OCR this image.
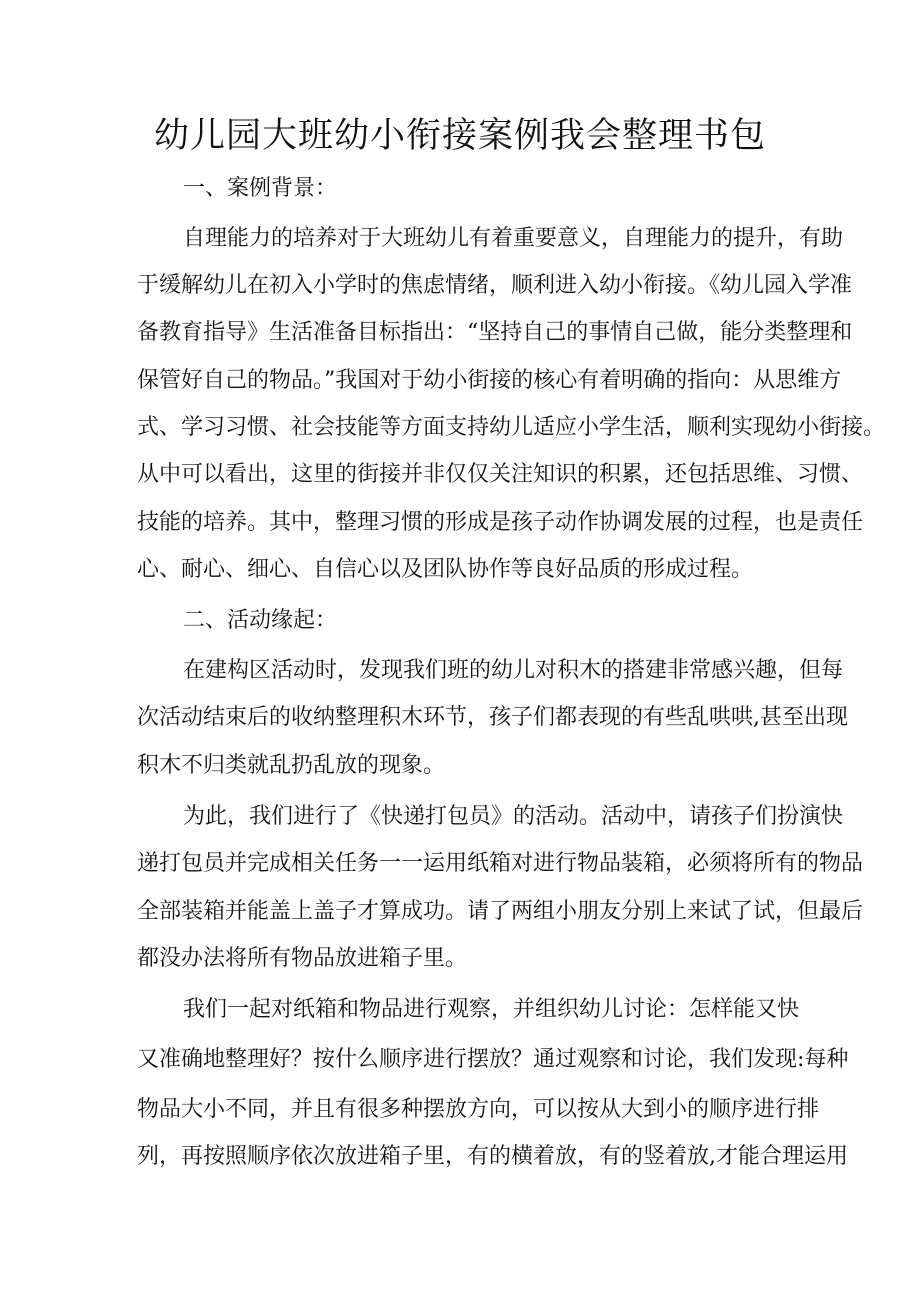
幼儿园大班幼小衔接案例我会整理书包

一、案例背景：

自理能力的培养对于大班幼儿有着重要意义，自理能力的提升，有助

于缓解幼儿在初入小学时的焦虑情绪，顺利进入幼小衔接。《幼儿园入学准

备教育指导》生活准备目标指出：“坚持自己的事情自己做，能分类整理和

保管好自己的物品。”我国对于幼小街接的核心有着明确的指向：从思维方

式、学习习惯、社会技能等方面支持幼儿适应小学生活，顺利实现幼小街接。

从中可以看出，这里的街接并非仅仅关注知识的积累，还包括思维、习惯、

技能的培养。其中，整理习惯的形成是孩子动作协调发展的过程，也是责任

心、耐心、细心、自信心以及团队协作等良好品质的形成过程。

二、活动缘起：

在建构区活动时，发现我们班的幼儿对积木的搭建非常感兴趣，但每

次活动结束后的收纳整理积木环节，孩子们都表现的有些乱哄哄,甚至出现

积木不归类就乱扔乱放的现象。

为此，我们进行了《快递打包员》的活动。活动中，请孩子们扮演快

递打包员并完成相关任务一一运用纸箱对进行物品装箱，必须将所有的物品

全部装箱并能盖上盖子才算成功。请了两组小朋友分别上来试了试，但最后

都没办法将所有物品放进箱子里。

我们一起对纸箱和物品进行观察，并组织幼儿讨论：怎样能又快

又准确地整理好？按什么顺序进行摆放？通过观察和讨论，我们发现:每种

物品大小不同，并且有很多种摆放方向，可以按从大到小的顺序进行排

列，再按照顺序依次放进箱子里，有的横着放，有的竖着放,才能合理运用
